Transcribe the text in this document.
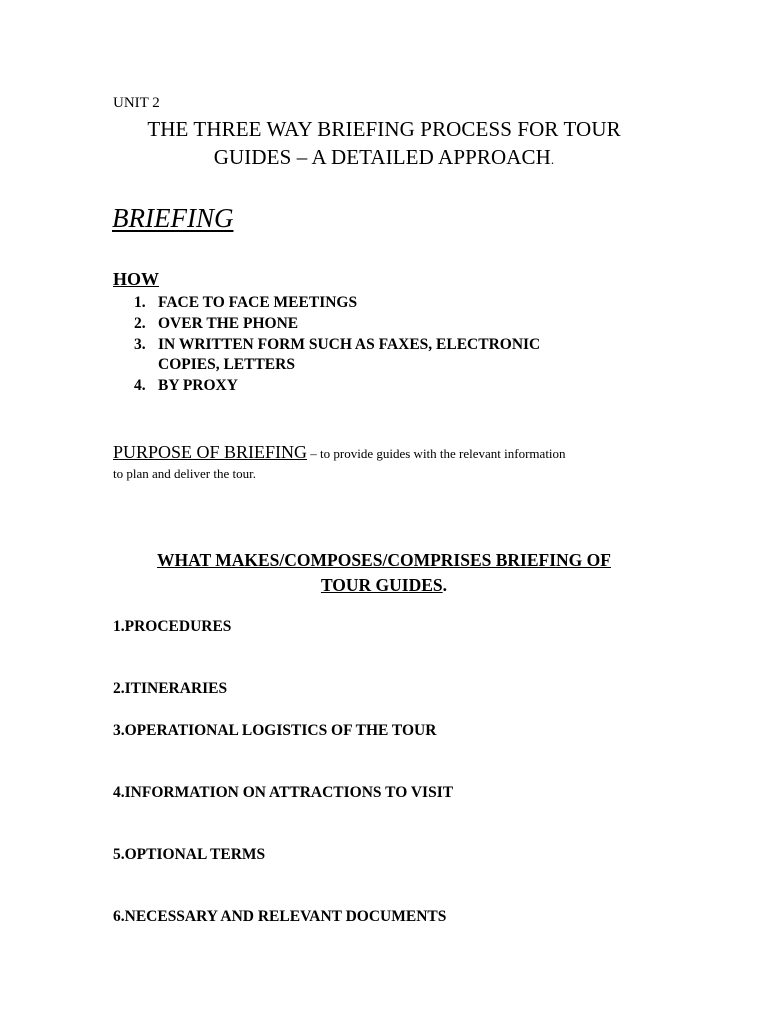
UNIT 2
THE THREE WAY BRIEFING PROCESS FOR TOUR
GUIDES – A DETAILED APPROACH.
BRIEFING
HOW
1. FACE TO FACE MEETINGS
2. OVER THE PHONE
3. IN WRITTEN FORM SUCH AS FAXES, ELECTRONIC
COPIES, LETTERS
4. BY PROXY
PURPOSE OF BRIEFING – to provide guides with the relevant information
to plan and deliver the tour.
WHAT MAKES/COMPOSES/COMPRISES BRIEFING OF
TOUR GUIDES.
1.PROCEDURES
2.ITINERARIES
3.OPERATIONAL LOGISTICS OF THE TOUR
4.INFORMATION ON ATTRACTIONS TO VISIT
5.OPTIONAL TERMS
6.NECESSARY AND RELEVANT DOCUMENTS
